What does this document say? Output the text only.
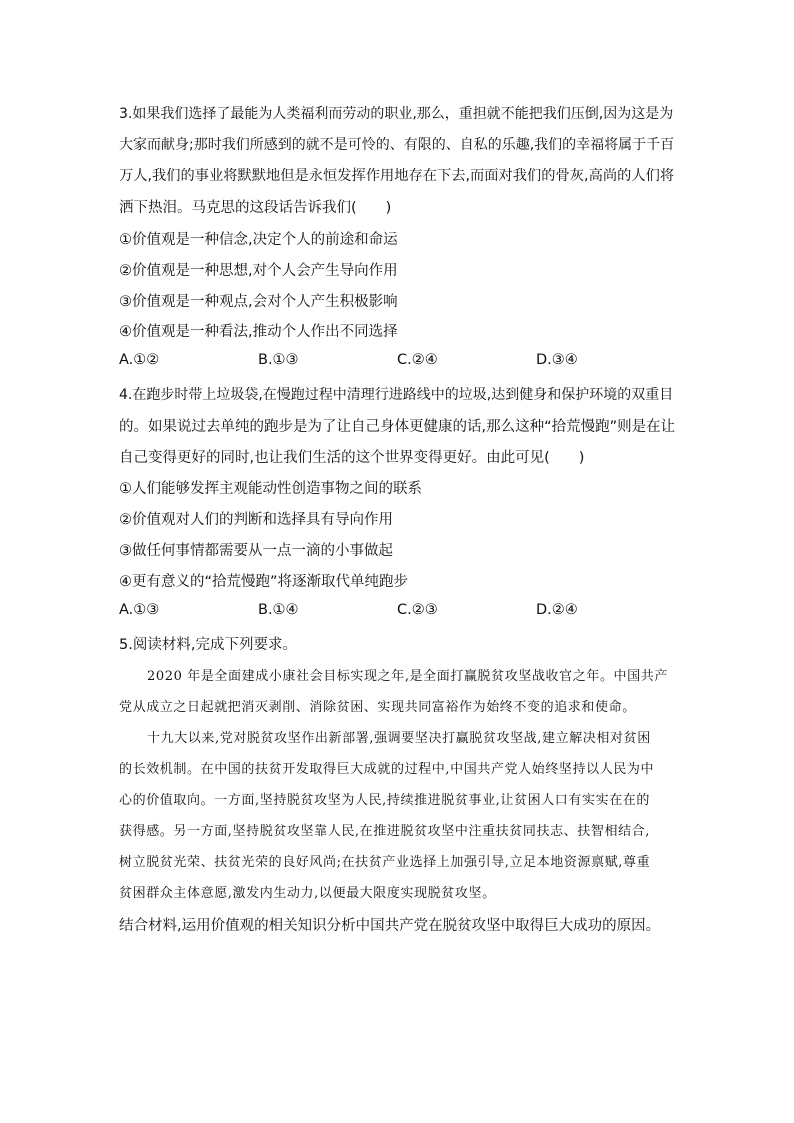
3.如果我们选择了最能为人类福利而劳动的职业,那么，重担就不能把我们压倒,因为这是为
大家而献身;那时我们所感到的就不是可怜的、有限的、自私的乐趣,我们的幸福将属于千百
万人,我们的事业将默默地但是永恒发挥作用地存在下去,而面对我们的骨灰,高尚的人们将
洒下热泪。马克思的这段话告诉我们(　　)
①价值观是一种信念,决定个人的前途和命运
②价值观是一种思想,对个人会产生导向作用
③价值观是一种观点,会对个人产生积极影响
④价值观是一种看法,推动个人作出不同选择
A.①②	B.①③	C.②④	D.③④
4.在跑步时带上垃圾袋,在慢跑过程中清理行进路线中的垃圾,达到健身和保护环境的双重目
的。如果说过去单纯的跑步是为了让自己身体更健康的话,那么这种“拾荒慢跑”则是在让
自己变得更好的同时,也让我们生活的这个世界变得更好。由此可见(　　)
①人们能够发挥主观能动性创造事物之间的联系
②价值观对人们的判断和选择具有导向作用
③做任何事情都需要从一点一滴的小事做起
④更有意义的“拾荒慢跑”将逐渐取代单纯跑步
A.①③	B.①④	C.②③	D.②④
5.阅读材料,完成下列要求。
2020 年是全面建成小康社会目标实现之年,是全面打赢脱贫攻坚战收官之年。中国共产
党从成立之日起就把消灭剥削、消除贫困、实现共同富裕作为始终不变的追求和使命。
十九大以来,党对脱贫攻坚作出新部署,强调要坚决打赢脱贫攻坚战,建立解决相对贫困
的长效机制。在中国的扶贫开发取得巨大成就的过程中,中国共产党人始终坚持以人民为中
心的价值取向。一方面,坚持脱贫攻坚为人民,持续推进脱贫事业,让贫困人口有实实在在的
获得感。另一方面,坚持脱贫攻坚靠人民,在推进脱贫攻坚中注重扶贫同扶志、扶智相结合,
树立脱贫光荣、扶贫光荣的良好风尚;在扶贫产业选择上加强引导,立足本地资源禀赋,尊重
贫困群众主体意愿,激发内生动力,以便最大限度实现脱贫攻坚。
结合材料,运用价值观的相关知识分析中国共产党在脱贫攻坚中取得巨大成功的原因。
